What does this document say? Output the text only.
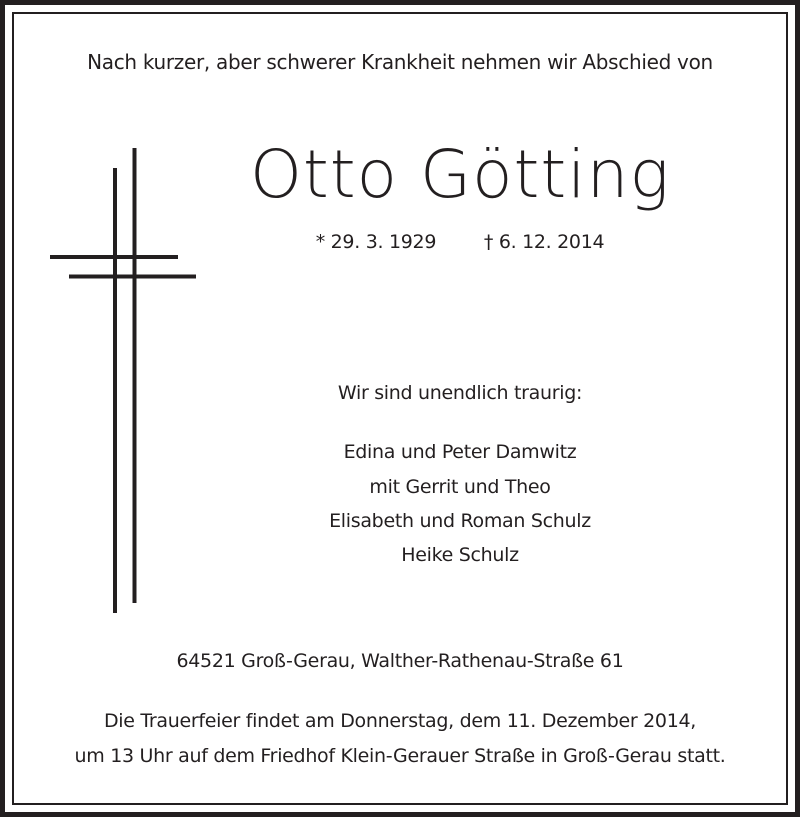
Nach kurzer, aber schwerer Krankheit nehmen wir Abschied von
Otto Götting
* 29. 3. 1929	† 6. 12. 2014
Wir sind unendlich traurig:
Edina und Peter Damwitz
mit Gerrit und Theo
Elisabeth und Roman Schulz
Heike Schulz
64521 Groß-Gerau, Walther-Rathenau-Straße 61
Die Trauerfeier findet am Donnerstag, dem 11. Dezember 2014,
um 13 Uhr auf dem Friedhof Klein-Gerauer Straße in Groß-Gerau statt.
